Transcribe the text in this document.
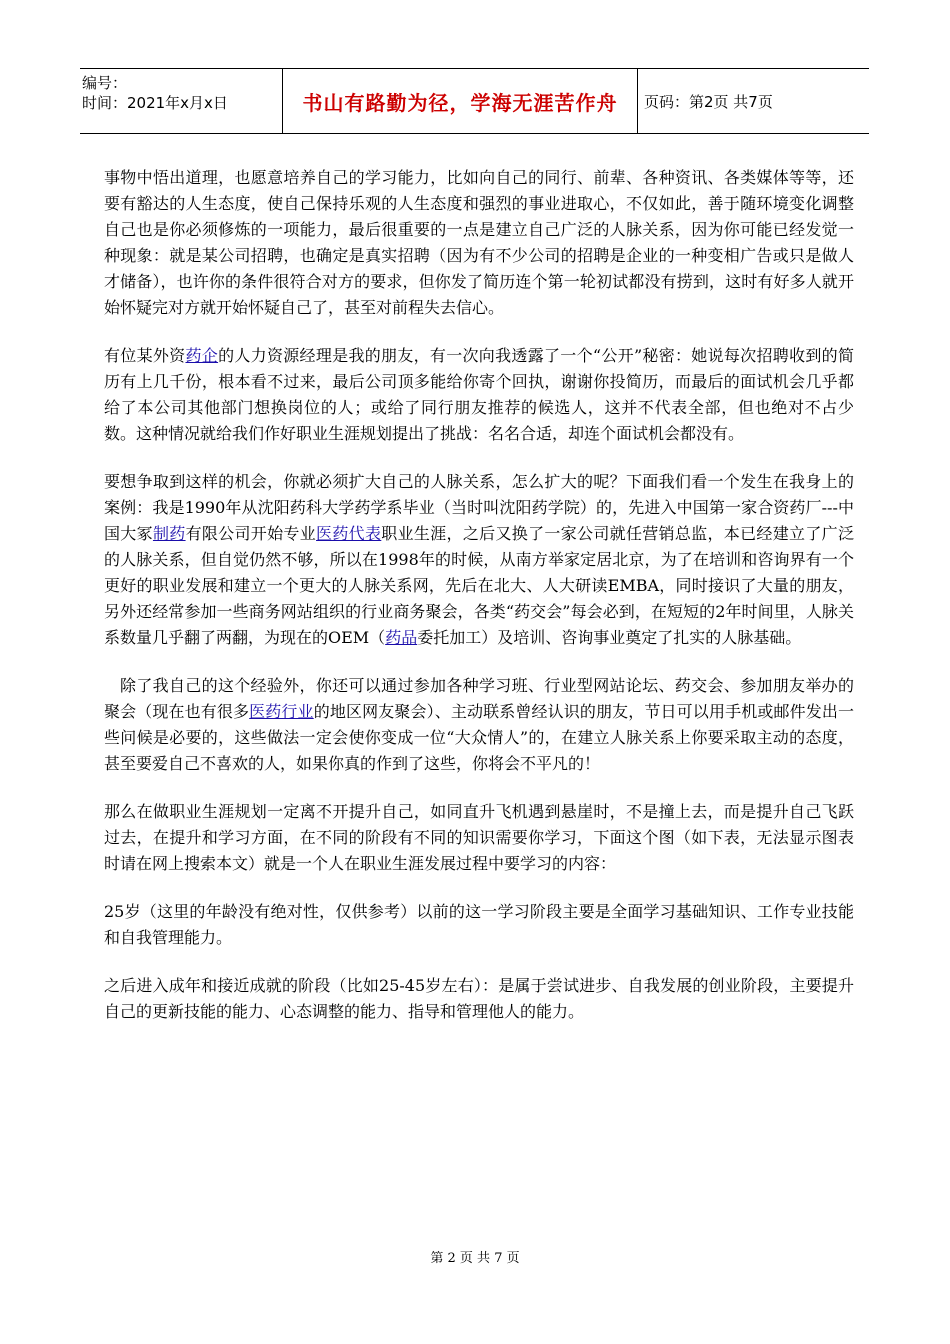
编号：
时间：2021年x月x日	书山有路勤为径，学海无涯苦作舟	页码：第2页 共7页

事物中悟出道理，也愿意培养自己的学习能力，比如向自己的同行、前辈、各种资讯、各类媒体等等，还要有豁达的人生态度，使自己保持乐观的人生态度和强烈的事业进取心，不仅如此，善于随环境变化调整自己也是你必须修炼的一项能力，最后很重要的一点是建立自己广泛的人脉关系，因为你可能已经发觉一种现象：就是某公司招聘，也确定是真实招聘（因为有不少公司的招聘是企业的一种变相广告或只是做人才储备），也许你的条件很符合对方的要求，但你发了简历连个第一轮初试都没有捞到，这时有好多人就开始怀疑完对方就开始怀疑自己了，甚至对前程失去信心。

有位某外资药企的人力资源经理是我的朋友，有一次向我透露了一个“公开”秘密：她说每次招聘收到的简历有上几千份，根本看不过来，最后公司顶多能给你寄个回执，谢谢你投简历，而最后的面试机会几乎都给了本公司其他部门想换岗位的人；或给了同行朋友推荐的候选人，这并不代表全部，但也绝对不占少数。这种情况就给我们作好职业生涯规划提出了挑战：名名合适，却连个面试机会都没有。

要想争取到这样的机会，你就必须扩大自己的人脉关系，怎么扩大的呢？下面我们看一个发生在我身上的案例：我是1990年从沈阳药科大学药学系毕业（当时叫沈阳药学院）的，先进入中国第一家合资药厂---中国大冢制药有限公司开始专业医药代表职业生涯，之后又换了一家公司就任营销总监，本已经建立了广泛的人脉关系，但自觉仍然不够，所以在1998年的时候，从南方举家定居北京，为了在培训和咨询界有一个更好的职业发展和建立一个更大的人脉关系网，先后在北大、人大研读EMBA，同时接识了大量的朋友，另外还经常参加一些商务网站组织的行业商务聚会，各类“药交会”每会必到，在短短的2年时间里，人脉关系数量几乎翻了两翻，为现在的OEM（药品委托加工）及培训、咨询事业奠定了扎实的人脉基础。

除了我自己的这个经验外，你还可以通过参加各种学习班、行业型网站论坛、药交会、参加朋友举办的聚会（现在也有很多医药行业的地区网友聚会）、主动联系曾经认识的朋友，节日可以用手机或邮件发出一些问候是必要的，这些做法一定会使你变成一位“大众情人”的，在建立人脉关系上你要采取主动的态度，甚至要爱自己不喜欢的人，如果你真的作到了这些，你将会不平凡的！

那么在做职业生涯规划一定离不开提升自己，如同直升飞机遇到悬崖时，不是撞上去，而是提升自己飞跃过去，在提升和学习方面，在不同的阶段有不同的知识需要你学习，下面这个图（如下表，无法显示图表时请在网上搜索本文）就是一个人在职业生涯发展过程中要学习的内容：

25岁（这里的年龄没有绝对性，仅供参考）以前的这一学习阶段主要是全面学习基础知识、工作专业技能和自我管理能力。

之后进入成年和接近成就的阶段（比如25-45岁左右）：是属于尝试进步、自我发展的创业阶段，主要提升自己的更新技能的能力、心态调整的能力、指导和管理他人的能力。

第 2 页 共 7 页
